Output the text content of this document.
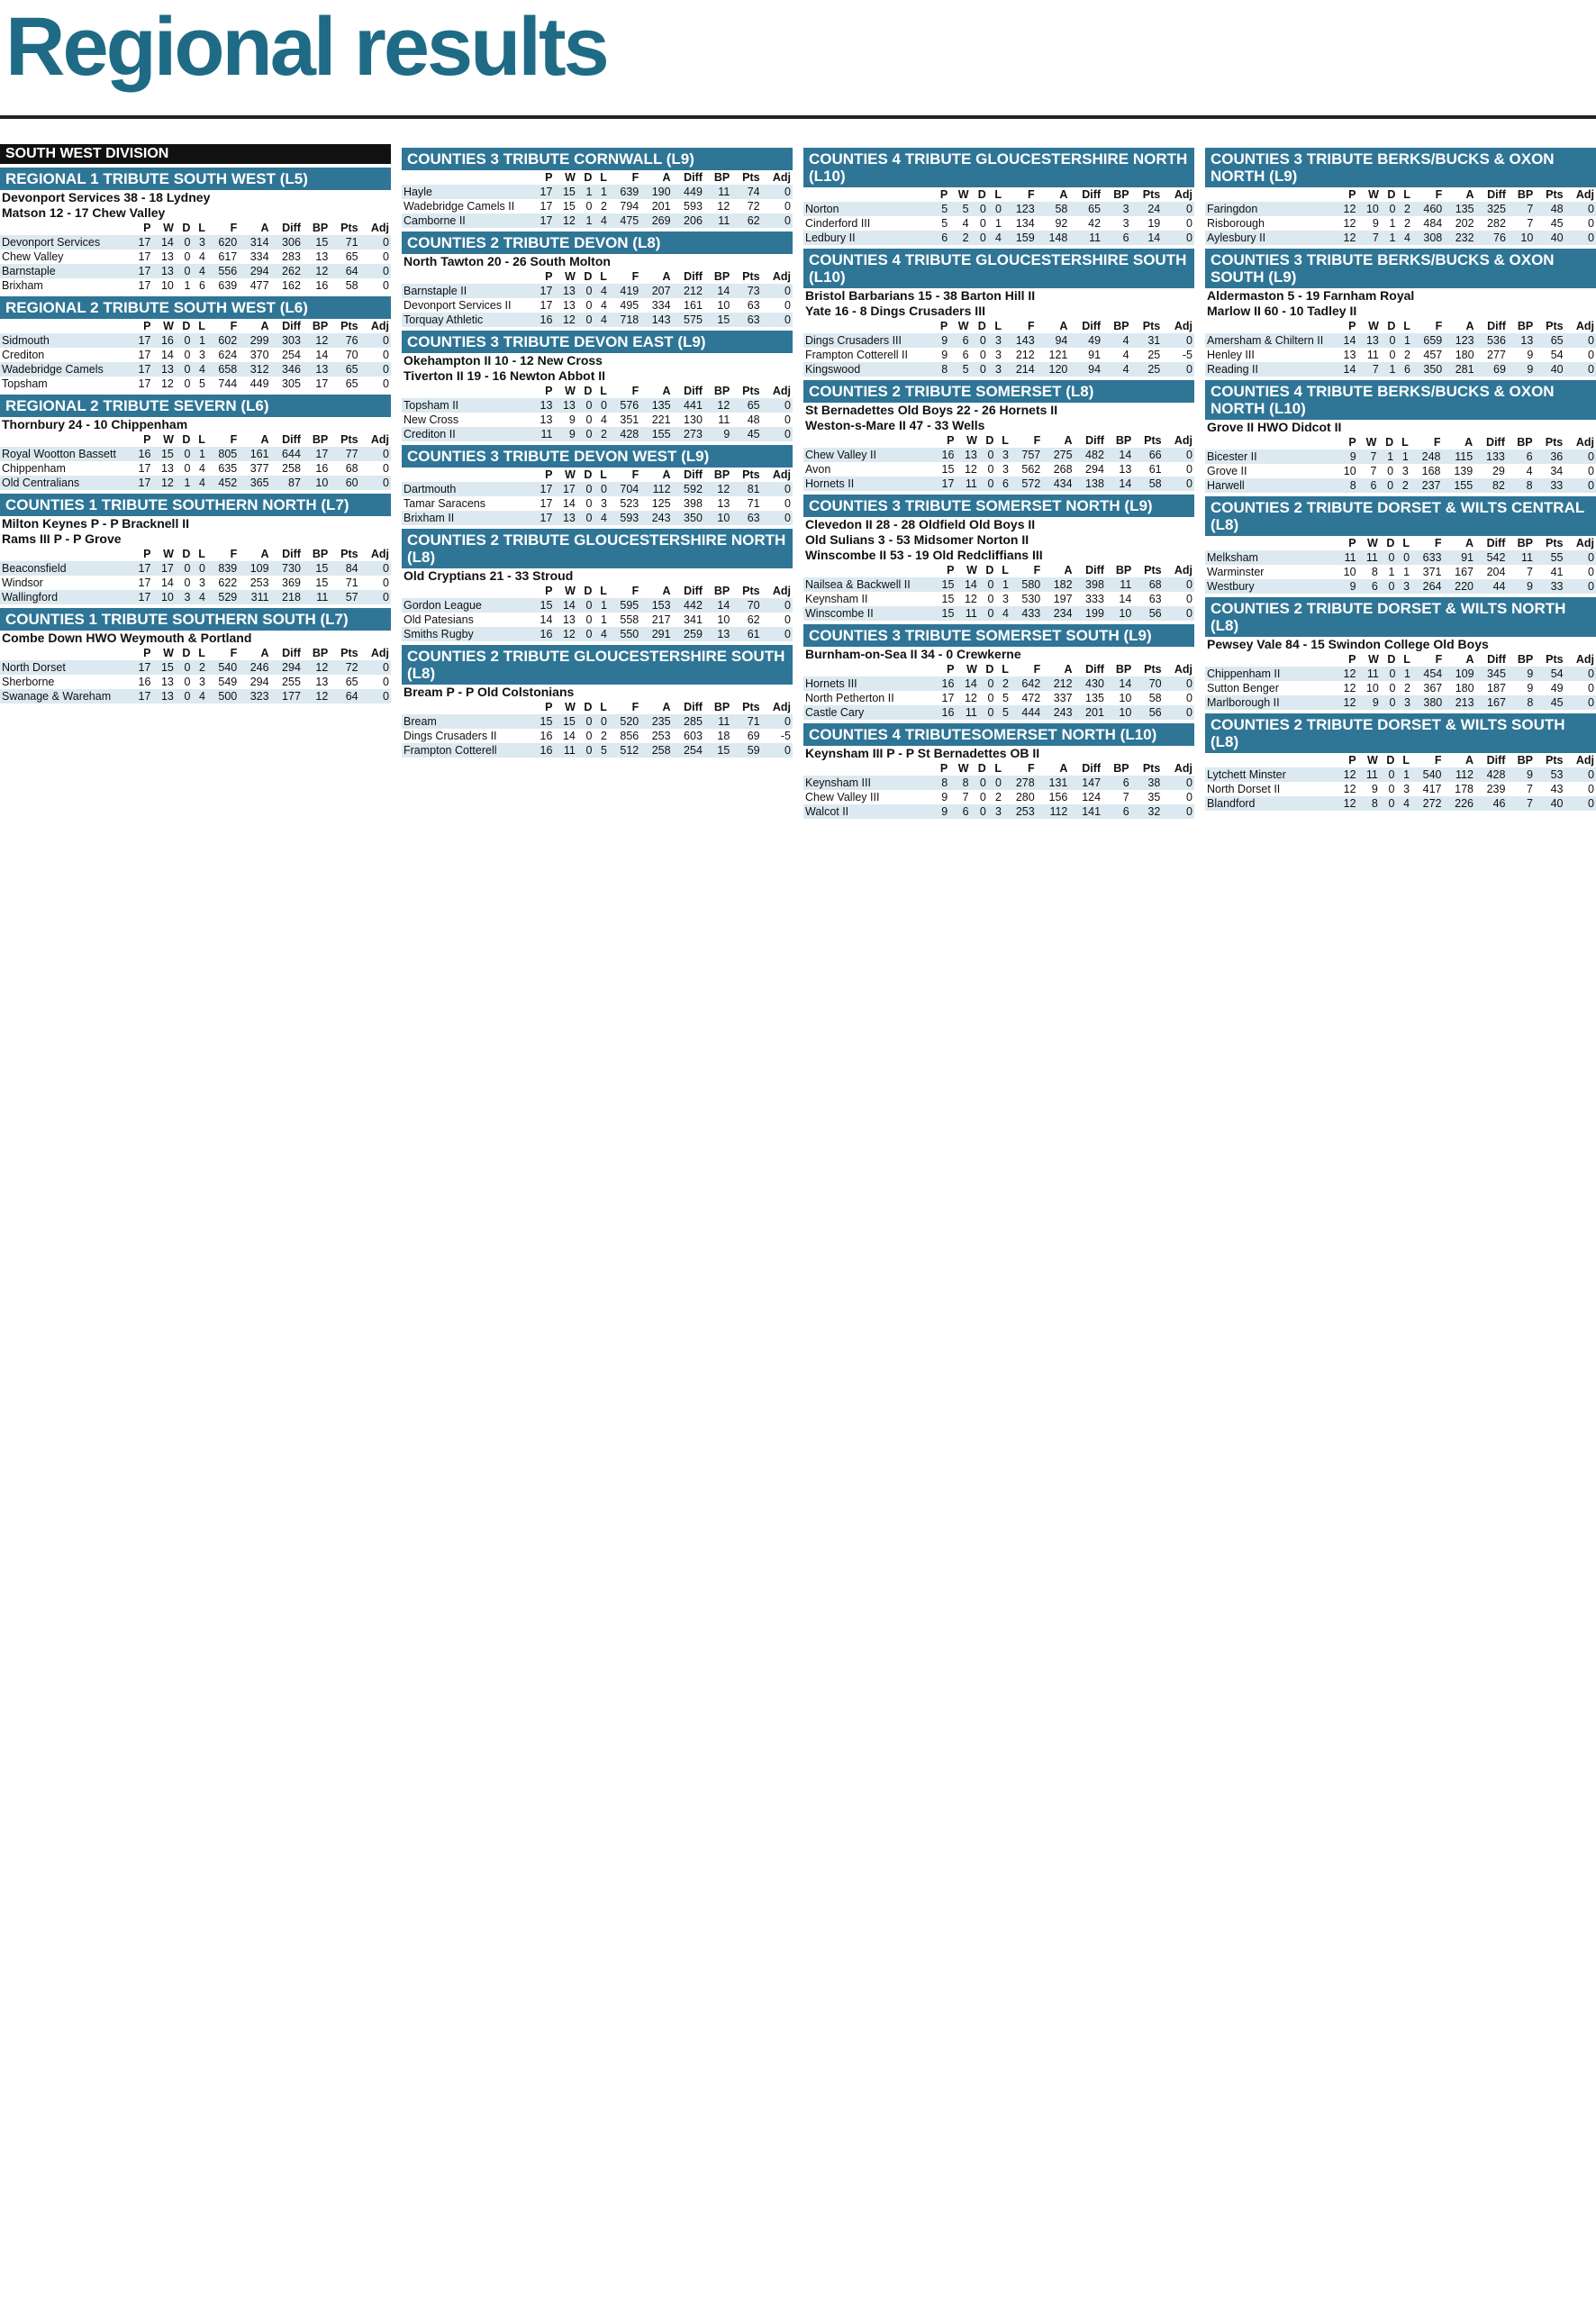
Regional results
SOUTH WEST DIVISION
REGIONAL 1 TRIBUTE SOUTH WEST (L5)
Devonport Services 38 - 18 Lydney
Matson 12 - 17 Chew Valley
	P	W	D	L	F	A	Diff	BP	Pts	Adj
Devonport Services	17	14	0	3	620	314	306	15	71	0
Chew Valley	17	13	0	4	617	334	283	13	65	0
Barnstaple	17	13	0	4	556	294	262	12	64	0
Brixham	17	10	1	6	639	477	162	16	58	0
REGIONAL 2 TRIBUTE SOUTH WEST (L6)
	P	W	D	L	F	A	Diff	BP	Pts	Adj
Sidmouth	17	16	0	1	602	299	303	12	76	0
Crediton	17	14	0	3	624	370	254	14	70	0
Wadebridge Camels	17	13	0	4	658	312	346	13	65	0
Topsham	17	12	0	5	744	449	305	17	65	0
REGIONAL 2 TRIBUTE SEVERN (L6)
Thornbury 24 - 10 Chippenham
	P	W	D	L	F	A	Diff	BP	Pts	Adj
Royal Wootton Bassett	16	15	0	1	805	161	644	17	77	0
Chippenham	17	13	0	4	635	377	258	16	68	0
Old Centralians	17	12	1	4	452	365	87	10	60	0
COUNTIES 1 TRIBUTE SOUTHERN NORTH (L7)
Milton Keynes P - P Bracknell II
Rams III P - P Grove
	P	W	D	L	F	A	Diff	BP	Pts	Adj
Beaconsfield	17	17	0	0	839	109	730	15	84	0
Windsor	17	14	0	3	622	253	369	15	71	0
Wallingford	17	10	3	4	529	311	218	11	57	0
COUNTIES 1 TRIBUTE SOUTHERN SOUTH (L7)
Combe Down HWO Weymouth & Portland
	P	W	D	L	F	A	Diff	BP	Pts	Adj
North Dorset	17	15	0	2	540	246	294	12	72	0
Sherborne	16	13	0	3	549	294	255	13	65	0
Swanage & Wareham	17	13	0	4	500	323	177	12	64	0
COUNTIES 3 TRIBUTE CORNWALL (L9)
	P	W	D	L	F	A	Diff	BP	Pts	Adj
Hayle	17	15	1	1	639	190	449	11	74	0
Wadebridge Camels II	17	15	0	2	794	201	593	12	72	0
Camborne II	17	12	1	4	475	269	206	11	62	0
COUNTIES 2 TRIBUTE DEVON (L8)
North Tawton 20 - 26 South Molton
	P	W	D	L	F	A	Diff	BP	Pts	Adj
Barnstaple II	17	13	0	4	419	207	212	14	73	0
Devonport Services II	17	13	0	4	495	334	161	10	63	0
Torquay Athletic	16	12	0	4	718	143	575	15	63	0
COUNTIES 3 TRIBUTE DEVON EAST (L9)
Okehampton II 10 - 12 New Cross
Tiverton II 19 - 16 Newton Abbot II
	P	W	D	L	F	A	Diff	BP	Pts	Adj
Topsham II	13	13	0	0	576	135	441	12	65	0
New Cross	13	9	0	4	351	221	130	11	48	0
Crediton II	11	9	0	2	428	155	273	9	45	0
COUNTIES 3 TRIBUTE DEVON WEST (L9)
	P	W	D	L	F	A	Diff	BP	Pts	Adj
Dartmouth	17	17	0	0	704	112	592	12	81	0
Tamar Saracens	17	14	0	3	523	125	398	13	71	0
Brixham II	17	13	0	4	593	243	350	10	63	0
COUNTIES 2 TRIBUTE GLOUCESTERSHIRE NORTH (L8)
Old Cryptians 21 - 33 Stroud
	P	W	D	L	F	A	Diff	BP	Pts	Adj
Gordon League	15	14	0	1	595	153	442	14	70	0
Old Patesians	14	13	0	1	558	217	341	10	62	0
Smiths Rugby	16	12	0	4	550	291	259	13	61	0
COUNTIES 2 TRIBUTE GLOUCESTERSHIRE SOUTH (L8)
Bream P - P Old Colstonians
	P	W	D	L	F	A	Diff	BP	Pts	Adj
Bream	15	15	0	0	520	235	285	11	71	0
Dings Crusaders II	16	14	0	2	856	253	603	18	69	-5
Frampton Cotterell	16	11	0	5	512	258	254	15	59	0
COUNTIES 4 TRIBUTE GLOUCESTERSHIRE NORTH (L10)
	P	W	D	L	F	A	Diff	BP	Pts	Adj
Norton	5	5	0	0	123	58	65	3	24	0
Cinderford III	5	4	0	1	134	92	42	3	19	0
Ledbury II	6	2	0	4	159	148	11	6	14	0
COUNTIES 4 TRIBUTE GLOUCESTERSHIRE SOUTH (L10)
Bristol Barbarians 15 - 38 Barton Hill II
Yate 16 - 8 Dings Crusaders III
	P	W	D	L	F	A	Diff	BP	Pts	Adj
Dings Crusaders III	9	6	0	3	143	94	49	4	31	0
Frampton Cotterell II	9	6	0	3	212	121	91	4	25	-5
Kingswood	8	5	0	3	214	120	94	4	25	0
COUNTIES 2 TRIBUTE SOMERSET (L8)
St Bernadettes Old Boys 22 - 26 Hornets II
Weston-s-Mare II 47 - 33 Wells
	P	W	D	L	F	A	Diff	BP	Pts	Adj
Chew Valley II	16	13	0	3	757	275	482	14	66	0
Avon	15	12	0	3	562	268	294	13	61	0
Hornets II	17	11	0	6	572	434	138	14	58	0
COUNTIES 3 TRIBUTE SOMERSET NORTH (L9)
Clevedon II 28 - 28 Oldfield Old Boys II
Old Sulians 3 - 53 Midsomer Norton II
Winscombe II 53 - 19 Old Redcliffians III
	P	W	D	L	F	A	Diff	BP	Pts	Adj
Nailsea & Backwell II	15	14	0	1	580	182	398	11	68	0
Keynsham II	15	12	0	3	530	197	333	14	63	0
Winscombe II	15	11	0	4	433	234	199	10	56	0
COUNTIES 3 TRIBUTE SOMERSET SOUTH (L9)
Burnham-on-Sea II 34 - 0 Crewkerne
	P	W	D	L	F	A	Diff	BP	Pts	Adj
Hornets III	16	14	0	2	642	212	430	14	70	0
North Petherton II	17	12	0	5	472	337	135	10	58	0
Castle Cary	16	11	0	5	444	243	201	10	56	0
COUNTIES 4 TRIBUTESOMERSET NORTH (L10)
Keynsham III P - P St Bernadettes OB II
	P	W	D	L	F	A	Diff	BP	Pts	Adj
Keynsham III	8	8	0	0	278	131	147	6	38	0
Chew Valley III	9	7	0	2	280	156	124	7	35	0
Walcot II	9	6	0	3	253	112	141	6	32	0
COUNTIES 3 TRIBUTE BERKS/BUCKS & OXON NORTH (L9)
	P	W	D	L	F	A	Diff	BP	Pts	Adj
Faringdon	12	10	0	2	460	135	325	7	48	0
Risborough	12	9	1	2	484	202	282	7	45	0
Aylesbury II	12	7	1	4	308	232	76	10	40	0
COUNTIES 3 TRIBUTE BERKS/BUCKS & OXON SOUTH (L9)
Aldermaston 5 - 19 Farnham Royal
Marlow II 60 - 10 Tadley II
	P	W	D	L	F	A	Diff	BP	Pts	Adj
Amersham & Chiltern II	14	13	0	1	659	123	536	13	65	0
Henley III	13	11	0	2	457	180	277	9	54	0
Reading II	14	7	1	6	350	281	69	9	40	0
COUNTIES 4 TRIBUTE BERKS/BUCKS & OXON NORTH (L10)
Grove II HWO Didcot II
	P	W	D	L	F	A	Diff	BP	Pts	Adj
Bicester II	9	7	1	1	248	115	133	6	36	0
Grove II	10	7	0	3	168	139	29	4	34	0
Harwell	8	6	0	2	237	155	82	8	33	0
COUNTIES 2 TRIBUTE DORSET & WILTS CENTRAL (L8)
	P	W	D	L	F	A	Diff	BP	Pts	Adj
Melksham	11	11	0	0	633	91	542	11	55	0
Warminster	10	8	1	1	371	167	204	7	41	0
Westbury	9	6	0	3	264	220	44	9	33	0
COUNTIES 2 TRIBUTE DORSET & WILTS NORTH (L8)
Pewsey Vale 84 - 15 Swindon College Old Boys
	P	W	D	L	F	A	Diff	BP	Pts	Adj
Chippenham II	12	11	0	1	454	109	345	9	54	0
Sutton Benger	12	10	0	2	367	180	187	9	49	0
Marlborough II	12	9	0	3	380	213	167	8	45	0
COUNTIES 2 TRIBUTE DORSET & WILTS SOUTH (L8)
	P	W	D	L	F	A	Diff	BP	Pts	Adj
Lytchett Minster	12	11	0	1	540	112	428	9	53	0
North Dorset II	12	9	0	3	417	178	239	7	43	0
Blandford	12	8	0	4	272	226	46	7	40	0
